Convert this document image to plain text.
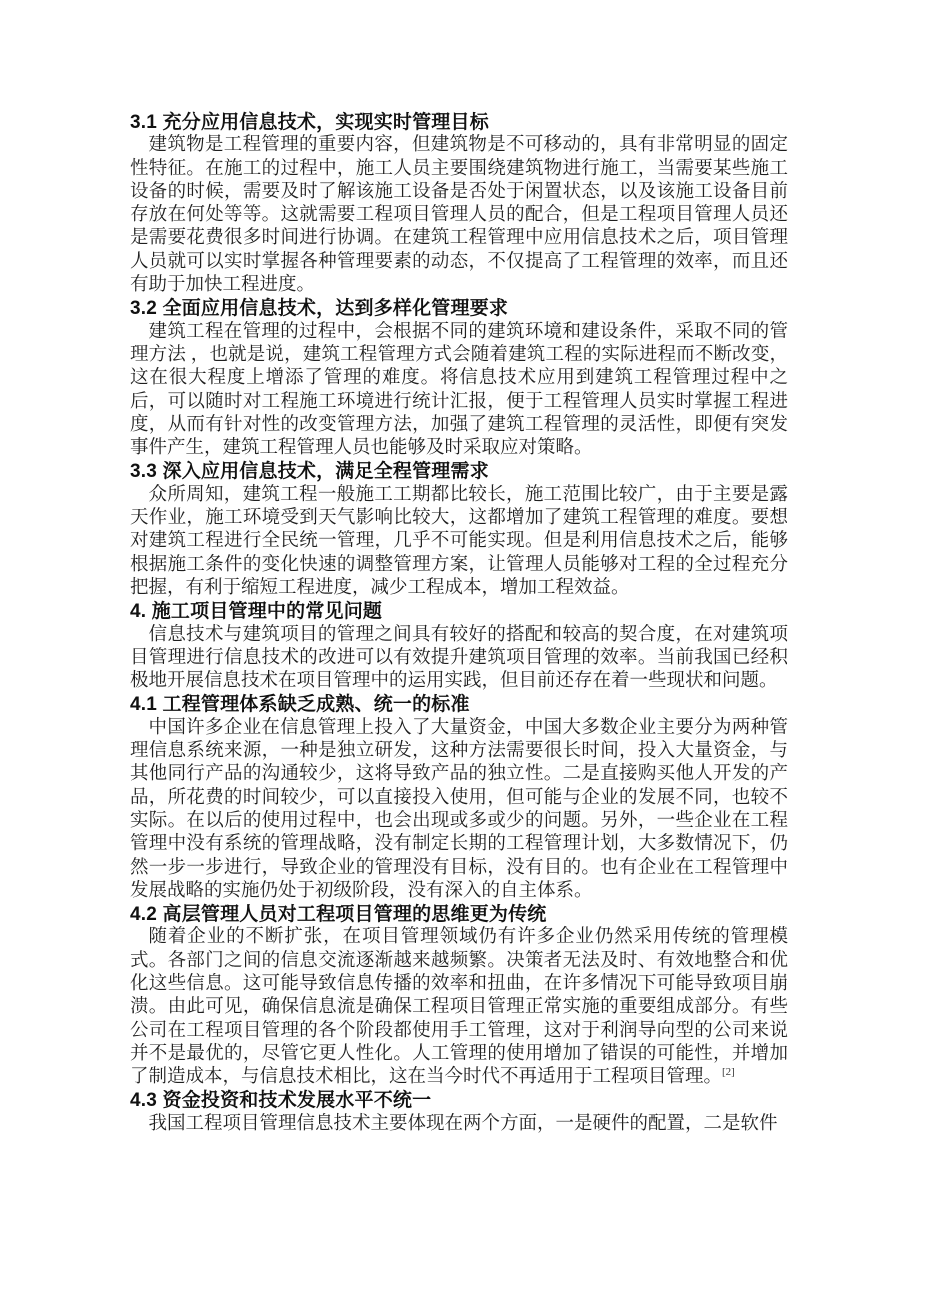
3.1 充分应用信息技术，实现实时管理目标

建筑物是工程管理的重要内容，但建筑物是不可移动的，具有非常明显的固定性特征。在施工的过程中，施工人员主要围绕建筑物进行施工，当需要某些施工设备的时候，需要及时了解该施工设备是否处于闲置状态，以及该施工设备目前存放在何处等等。这就需要工程项目管理人员的配合，但是工程项目管理人员还是需要花费很多时间进行协调。在建筑工程管理中应用信息技术之后，项目管理人员就可以实时掌握各种管理要素的动态，不仅提高了工程管理的效率，而且还有助于加快工程进度。

3.2 全面应用信息技术，达到多样化管理要求

建筑工程在管理的过程中，会根据不同的建筑环境和建设条件，采取不同的管理方法 ，也就是说，建筑工程管理方式会随着建筑工程的实际进程而不断改变，这在很大程度上增添了管理的难度。将信息技术应用到建筑工程管理过程中之后，可以随时对工程施工环境进行统计汇报，便于工程管理人员实时掌握工程进度，从而有针对性的改变管理方法，加强了建筑工程管理的灵活性，即便有突发事件产生，建筑工程管理人员也能够及时采取应对策略。

3.3 深入应用信息技术，满足全程管理需求

众所周知，建筑工程一般施工工期都比较长，施工范围比较广，由于主要是露天作业，施工环境受到天气影响比较大，这都增加了建筑工程管理的难度。要想对建筑工程进行全民统一管理，几乎不可能实现。但是利用信息技术之后，能够根据施工条件的变化快速的调整管理方案，让管理人员能够对工程的全过程充分把握，有利于缩短工程进度，减少工程成本，增加工程效益。

4. 施工项目管理中的常见问题

信息技术与建筑项目的管理之间具有较好的搭配和较高的契合度，在对建筑项目管理进行信息技术的改进可以有效提升建筑项目管理的效率。当前我国已经积极地开展信息技术在项目管理中的运用实践，但目前还存在着一些现状和问题。

4.1 工程管理体系缺乏成熟、统一的标准

中国许多企业在信息管理上投入了大量资金，中国大多数企业主要分为两种管理信息系统来源，一种是独立研发，这种方法需要很长时间，投入大量资金，与其他同行产品的沟通较少，这将导致产品的独立性。二是直接购买他人开发的产品，所花费的时间较少，可以直接投入使用，但可能与企业的发展不同，也较不实际。在以后的使用过程中，也会出现或多或少的问题。另外，一些企业在工程管理中没有系统的管理战略，没有制定长期的工程管理计划，大多数情况下，仍然一步一步进行，导致企业的管理没有目标，没有目的。也有企业在工程管理中发展战略的实施仍处于初级阶段，没有深入的自主体系。

4.2 高层管理人员对工程项目管理的思维更为传统

随着企业的不断扩张，在项目管理领域仍有许多企业仍然采用传统的管理模式。各部门之间的信息交流逐渐越来越频繁。决策者无法及时、有效地整合和优化这些信息。这可能导致信息传播的效率和扭曲，在许多情况下可能导致项目崩溃。由此可见，确保信息流是确保工程项目管理正常实施的重要组成部分。有些公司在工程项目管理的各个阶段都使用手工管理，这对于利润导向型的公司来说并不是最优的，尽管它更人性化。人工管理的使用增加了错误的可能性，并增加了制造成本，与信息技术相比，这在当今时代不再适用于工程项目管理。[2]

4.3 资金投资和技术发展水平不统一

我国工程项目管理信息技术主要体现在两个方面，一是硬件的配置，二是软件
